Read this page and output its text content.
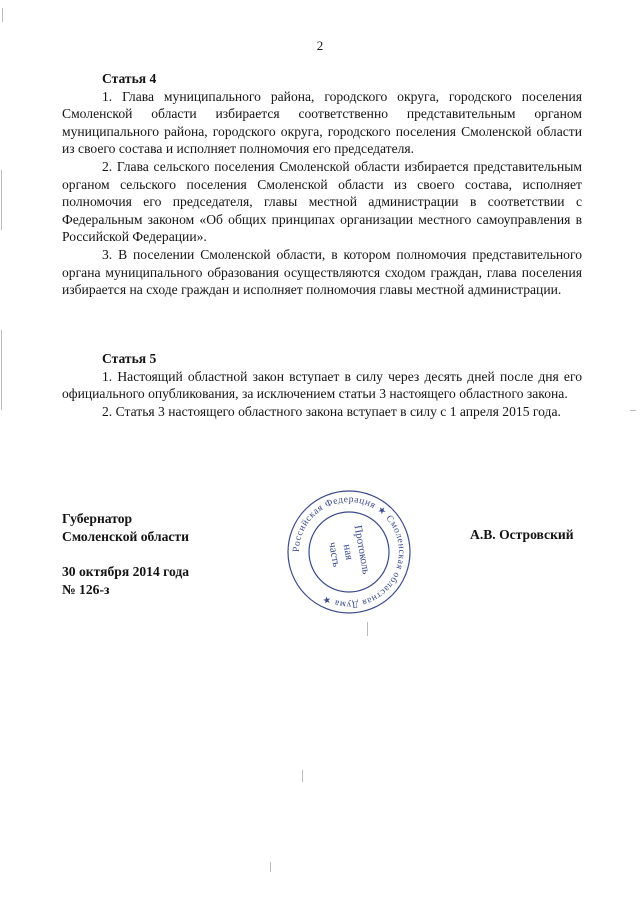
2

Статья 4

1. Глава муниципального района, городского округа, городского поселения Смоленской области избирается соответственно представительным органом муниципального района, городского округа, городского поселения Смоленской области из своего состава и исполняет полномочия его председателя.

2. Глава сельского поселения Смоленской области избирается представительным органом сельского поселения Смоленской области из своего состава, исполняет полномочия его председателя, главы местной администрации в соответствии с Федеральным законом «Об общих принципах организации местного самоуправления в Российской Федерации».

3. В поселении Смоленской области, в котором полномочия представительного органа муниципального образования осуществляются сходом граждан, глава поселения избирается на сходе граждан и исполняет полномочия главы местной администрации.

Статья 5

1. Настоящий областной закон вступает в силу через десять дней после дня его официального опубликования, за исключением статьи 3 настоящего областного закона.

2. Статья 3 настоящего областного закона вступает в силу с 1 апреля 2015 года.

Губернатор
Смоленской области
30 октября 2014 года
№ 126-з
А.В. Островский
Российская Федерация ★ Смоленская областная Дума ★
Протоколь
ная
часть
